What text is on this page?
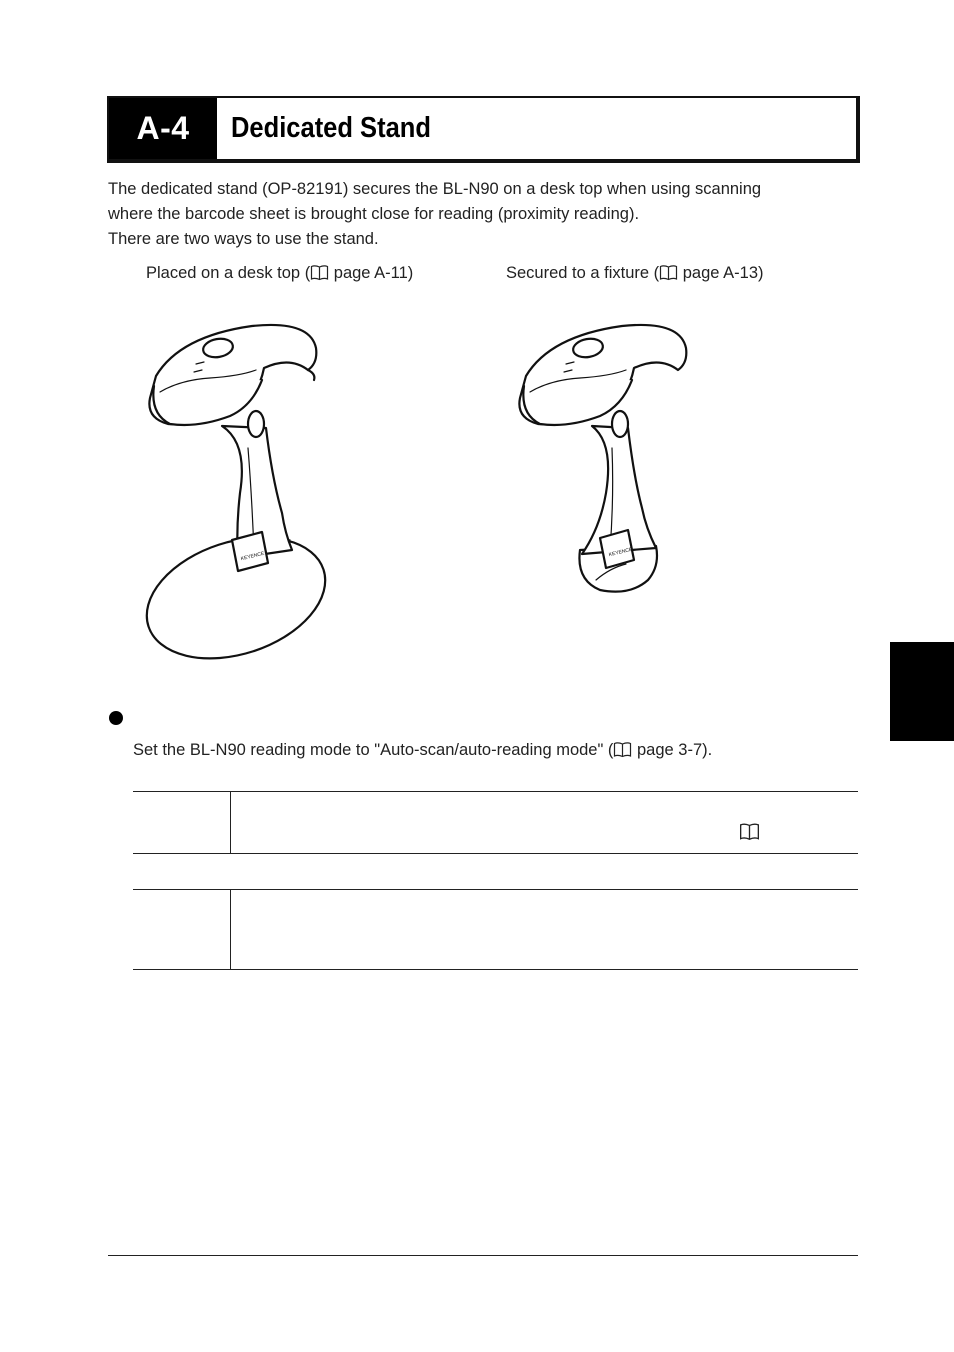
A-4	Dedicated Stand

The dedicated stand (OP-82191) secures the BL-N90 on a desk top when using scanning

where the barcode sheet is brought close for reading (proximity reading).

There are two ways to use the stand.

Placed on a desk top ( page A-11)	Secured to a fixture ( page A-13)
KEYENCE	KEYENCE
Set the BL-N90 reading mode to "Auto-scan/auto-reading mode" ( page 3-7).
